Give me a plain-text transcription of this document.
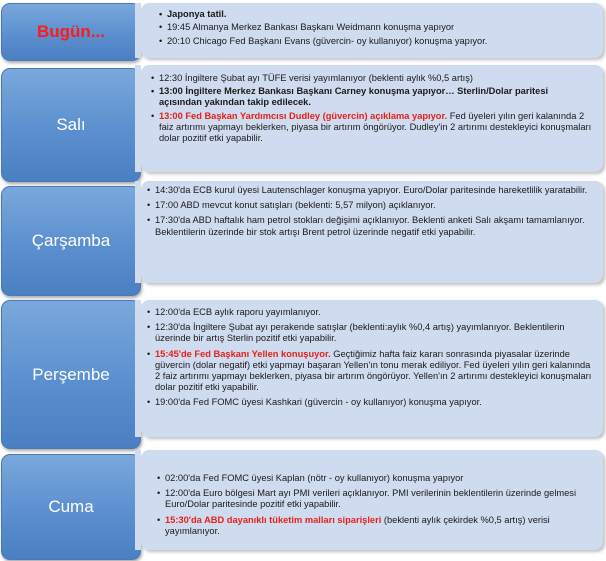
Bugün...
• Japonya tatil.
• 19:45 Almanya Merkez Bankası Başkanı Weidmann konuşma yapıyor
• 20:10 Chicago Fed Başkanı Evans (güvercin- oy kullanıyor) konuşma yapıyor.
Salı
• 12:30 İngiltere Şubat ayı TÜFE verisi yayımlanıyor (beklenti aylık %0,5 artış)
• 13:00 İngiltere Merkez Bankası Başkanı Carney konuşma yapıyor… Sterlin/Dolar paritesi açısından yakından takip edilecek.
• 13:00 Fed Başkan Yardımcısı Dudley (güvercin) açıklama yapıyor. Fed üyeleri yılın geri kalanında 2 faiz artırımı yapmayı beklerken, piyasa bir artırım öngörüyor. Dudley'in 2 artırımı destekleyici konuşmaları dolar pozitif etki yapabilir.
Çarşamba
• 14:30'da ECB kurul üyesi Lautenschlager konuşma yapıyor. Euro/Dolar paritesinde hareketlilik yaratabilir.
• 17:00 ABD mevcut konut satışları (beklenti: 5,57 milyon) açıklanıyor.
• 17:30'da ABD haftalık ham petrol stokları değişimi açıklanıyor. Beklenti anketi Salı akşamı tamamlanıyor. Beklentilerin üzerinde bir stok artışı Brent petrol üzerinde negatif etki yapabilir.
Perşembe
• 12:00'da ECB aylık raporu yayımlanıyor.
• 12:30'da İngiltere Şubat ayı perakende satışlar (beklenti:aylık %0,4 artış) yayımlanıyor. Beklentilerin üzerinde bir artış Sterlin pozitif etki yapabilir.
• 15:45'de Fed Başkanı Yellen konuşuyor. Geçtiğimiz hafta faiz kararı sonrasında piyasalar üzerinde güvercin (dolar negatif) etki yapmayı başaran Yellen'ın tonu merak ediliyor. Fed üyeleri yılın geri kalanında 2 faiz artırımı yapmayı beklerken, piyasa bir artırım öngörüyor. Yellen'ın 2 artırımı destekleyici konuşmaları dolar pozitif etki yapabilir.
• 19:00'da Fed FOMC üyesi Kashkari (güvercin - oy kullanıyor) konuşma yapıyor.
Cuma
• 02:00'da Fed FOMC üyesi Kaplan (nötr - oy kullanıyor) konuşma yapıyor
• 12:00'da Euro bölgesi Mart ayı PMI verileri açıklanıyor. PMI verilerinin beklentilerin üzerinde gelmesi Euro/Dolar paritesinde pozitif etki yapabilir.
• 15:30'da ABD dayanıklı tüketim malları siparişleri (beklenti aylık çekirdek %0,5 artış) verisi yayımlanıyor.
